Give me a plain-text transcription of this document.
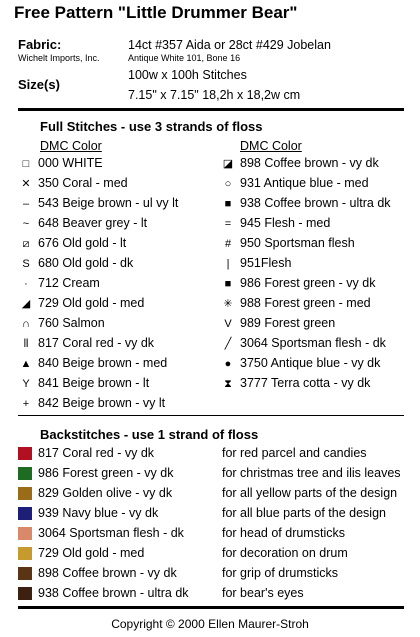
Free Pattern "Little Drummer Bear"
Fabric:
Wichelt Imports, Inc.
14ct #357 Aida or 28ct #429 Jobelan
Antique White 101, Bone 16
Size(s)
100w x 100h Stitches
7.15" x 7.15" 18,2h x 18,2w cm
Full Stitches - use 3 strands of floss
DMC Color	DMC Color
□ 000 WHITE
✕ 350 Coral - med
– 543 Beige brown - ul vy lt
~ 648 Beaver grey - lt
⧄ 676 Old gold - lt
S 680 Old gold - dk
· 712 Cream
◢ 729 Old gold - med
∩ 760 Salmon
⦀ 817 Coral red - vy dk
▲ 840 Beige brown - med
Y 841 Beige brown - lt
+ 842 Beige brown - vy lt
◪ 898 Coffee brown - vy dk
○ 931 Antique blue - med
■ 938 Coffee brown - ultra dk
= 945 Flesh - med
# 950 Sportsman flesh
| 951Flesh
■ 986 Forest green - vy dk
✳ 988 Forest green - med
V 989 Forest green
╱ 3064 Sportsman flesh - dk
● 3750 Antique blue - vy dk
⧗ 3777 Terra cotta - vy dk
Backstitches - use 1 strand of floss
817 Coral red - vy dk	for red parcel and candies
986 Forest green - vy dk	for christmas tree and ilis leaves
829 Golden olive - vy dk	for all yellow parts of the design
939 Navy blue - vy dk	for all blue parts of the design
3064 Sportsman flesh - dk	for head of drumsticks
729 Old gold - med	for decoration on drum
898 Coffee brown - vy dk	for grip of drumsticks
938 Coffee brown - ultra dk	for bear's eyes
Copyright © 2000 Ellen Maurer-Stroh
